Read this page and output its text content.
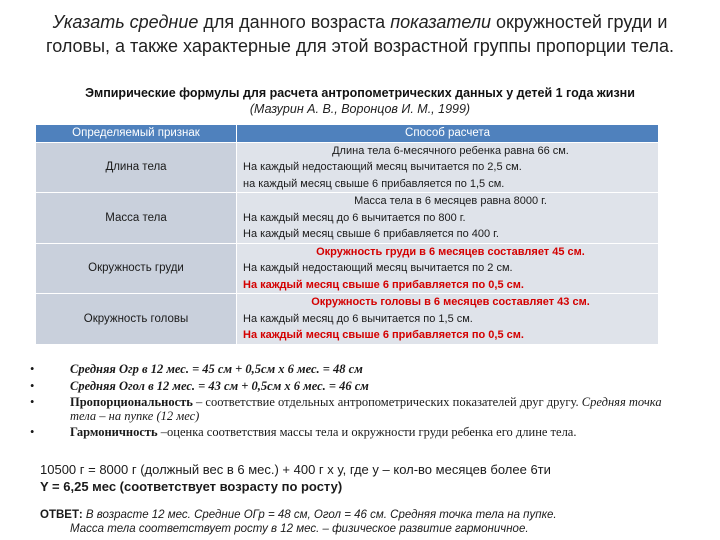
Указать средние для данного возраста показатели окружностей груди и головы, а также характерные для этой возрастной группы пропорции тела.
Эмпирические формулы для расчета антропометрических данных у детей 1 года жизни
(Мазурин А. В., Воронцов И. М., 1999)
Определяемый признак	Способ расчета
Длина тела	Длина тела 6-месячного ребенка равна 66 см.
На каждый недостающий месяц вычитается по 2,5 см.
на каждый месяц свыше 6 прибавляется по 1,5 см.

Масса тела	Масса тела в 6 месяцев равна 8000 г.
На каждый месяц до 6 вычитается по 800 г.
На каждый месяц свыше 6 прибавляется по 400 г.

Окружность груди	Окружность груди в 6 месяцев составляет 45 см.
На каждый недостающий месяц вычитается по 2 см.
На каждый месяц свыше 6 прибавляется по 0,5 см.

Окружность головы	Окружность головы в 6 месяцев составляет 43 см.
На каждый месяц до 6 вычитается по 1,5 см.
На каждый месяц свыше 6 прибавляется по 0,5 см.
•	Средняя Огр в 12 мес. = 45 см + 0,5см х 6 мес. = 48 см
•	Средняя Огол в 12 мес. = 43 см + 0,5см х 6 мес. = 46 см
•	Пропорциональность – соответствие отдельных антропометрических показателей друг другу. Средняя точка тела – на пупке (12 мес)
•	Гармоничность –оценка соответствия массы тела и окружности груди ребенка его длине тела.
10500 г = 8000 г (должный вес в 6 мес.) + 400 г х у, где у – кол-во месяцев более 6ти
Y = 6,25 мес (соответствует возрасту по росту)
ОТВЕТ: В возрасте 12 мес. Средние ОГр = 48 см, Огол = 46 см. Средняя точка тела на пупке.
Масса тела соответствует росту в 12 мес. – физическое развитие гармоничное.
